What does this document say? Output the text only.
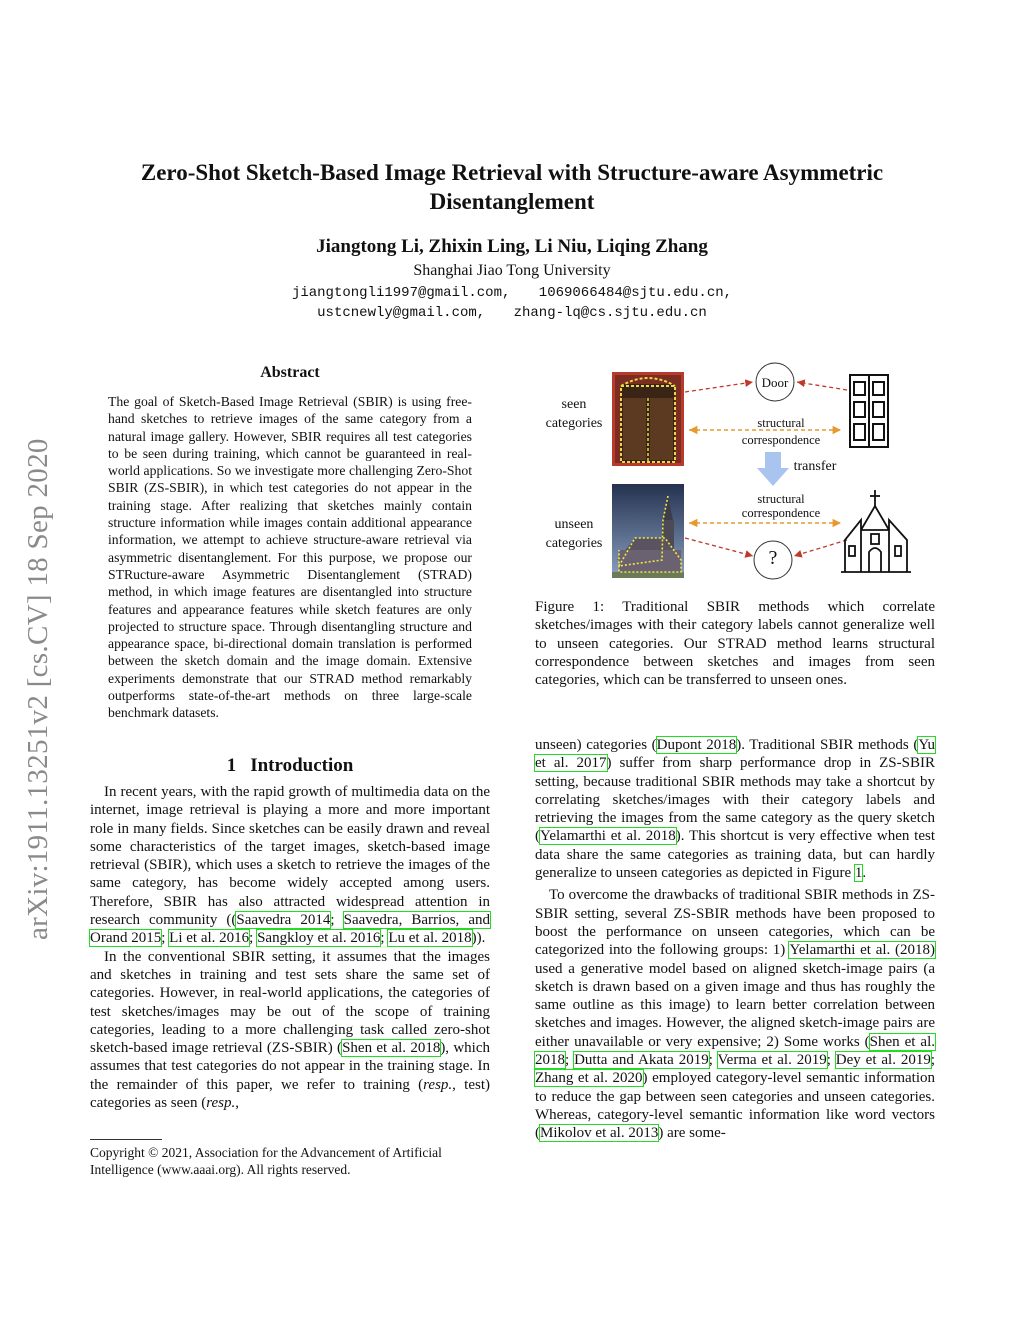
Zero-Shot Sketch-Based Image Retrieval with Structure-aware Asymmetric Disentanglement
Jiangtong Li, Zhixin Ling, Li Niu, Liqing Zhang
Shanghai Jiao Tong University
jiangtongli1997@gmail.com, 1069066484@sjtu.edu.cn,
ustcnewly@gmail.com, zhang-lq@cs.sjtu.edu.cn
arXiv:1911.13251v2 [cs.CV] 18 Sep 2020
Abstract
The goal of Sketch-Based Image Retrieval (SBIR) is using free-hand sketches to retrieve images of the same category from a natural image gallery. However, SBIR requires all test categories to be seen during training, which cannot be guaranteed in real-world applications. So we investigate more challenging Zero-Shot SBIR (ZS-SBIR), in which test categories do not appear in the training stage. After realizing that sketches mainly contain structure information while images contain additional appearance information, we attempt to achieve structure-aware retrieval via asymmetric disentanglement. For this purpose, we propose our STRucture-aware Asymmetric Disentanglement (STRAD) method, in which image features are disentangled into structure features and appearance features while sketch features are only projected to structure space. Through disentangling structure and appearance space, bi-directional domain translation is performed between the sketch domain and the image domain. Extensive experiments demonstrate that our STRAD method remarkably outperforms state-of-the-art methods on three large-scale benchmark datasets.
1 Introduction

In recent years, with the rapid growth of multimedia data on the internet, image retrieval is playing a more and more important role in many fields. Since sketches can be easily drawn and reveal some characteristics of the target images, sketch-based image retrieval (SBIR), which uses a sketch to retrieve the images of the same category, has become widely accepted among users. Therefore, SBIR has also attracted widespread attention in research community ((Saavedra 2014; Saavedra, Barrios, and Orand 2015; Li et al. 2016; Sangkloy et al. 2016; Lu et al. 2018)).

In the conventional SBIR setting, it assumes that the images and sketches in training and test sets share the same set of categories. However, in real-world applications, the categories of test sketches/images may be out of the scope of training categories, leading to a more challenging task called zero-shot sketch-based image retrieval (ZS-SBIR) (Shen et al. 2018), which assumes that test categories do not appear in the training stage. In the remainder of this paper, we refer to training (resp., test) categories as seen (resp.,

Copyright © 2021, Association for the Advancement of Artificial Intelligence (www.aaai.org). All rights reserved.
seen
categories
unseen
categories
Door
?
structural
correspondence
structural
correspondence
transfer
Figure 1: Traditional SBIR methods which correlate sketches/images with their category labels cannot generalize well to unseen categories. Our STRAD method learns structural correspondence between sketches and images from seen categories, which can be transferred to unseen ones.

unseen) categories (Dupont 2018). Traditional SBIR methods (Yu et al. 2017) suffer from sharp performance drop in ZS-SBIR setting, because traditional SBIR methods may take a shortcut by correlating sketches/images with their category labels and retrieving the images from the same category as the query sketch (Yelamarthi et al. 2018). This shortcut is very effective when test data share the same categories as training data, but can hardly generalize to unseen categories as depicted in Figure 1.

To overcome the drawbacks of traditional SBIR methods in ZS-SBIR setting, several ZS-SBIR methods have been proposed to boost the performance on unseen categories, which can be categorized into the following groups: 1) Yelamarthi et al. (2018) used a generative model based on aligned sketch-image pairs (a sketch is drawn based on a given image and thus has roughly the same outline as this image) to learn better correlation between sketches and images. However, the aligned sketch-image pairs are either unavailable or very expensive; 2) Some works (Shen et al. 2018; Dutta and Akata 2019; Verma et al. 2019; Dey et al. 2019; Zhang et al. 2020) employed category-level semantic information to reduce the gap between seen categories and unseen categories. Whereas, category-level semantic information like word vectors (Mikolov et al. 2013) are some-
